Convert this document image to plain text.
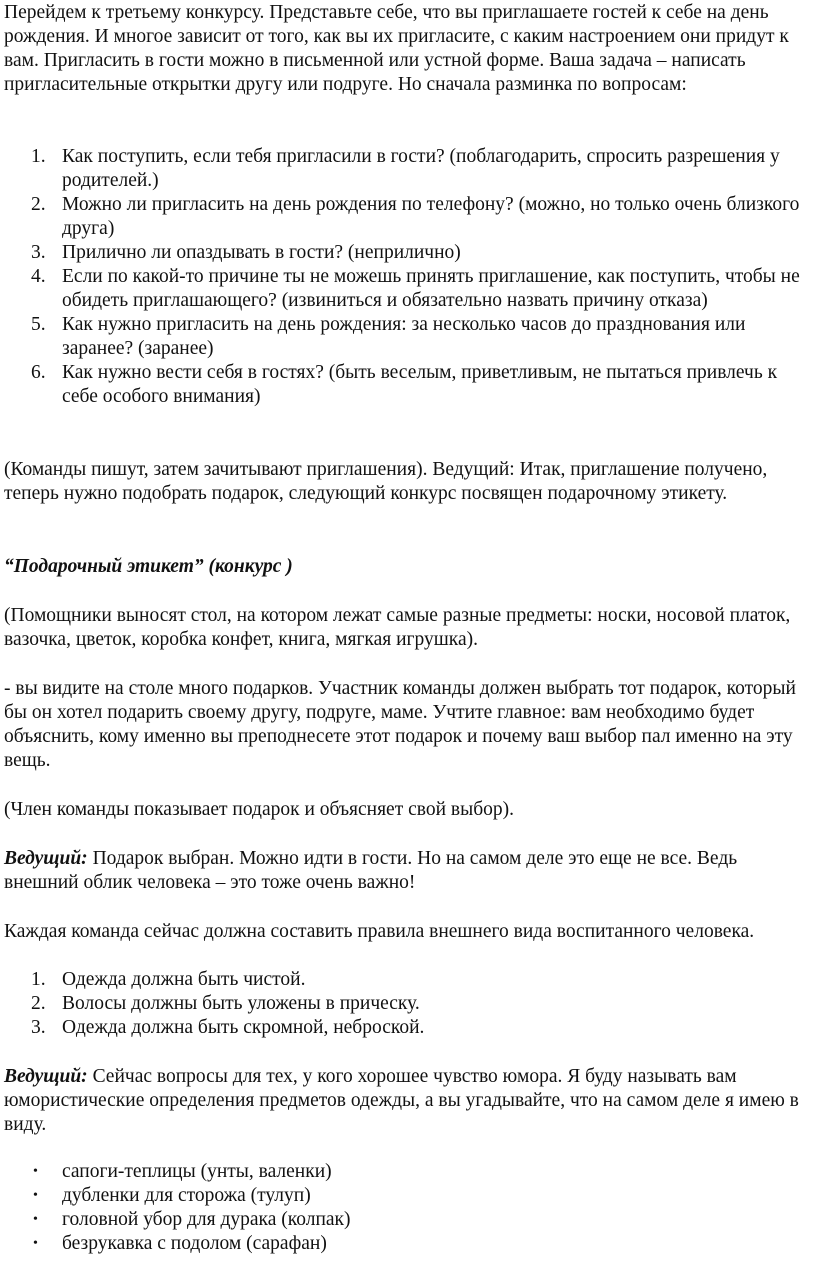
Перейдем к третьему конкурсу. Представьте себе, что вы приглашаете гостей к себе на день рождения. И многое зависит от того, как вы их пригласите, с каким настроением они придут к вам. Пригласить в гости можно в письменной или устной форме. Ваша задача – написать пригласительные открытки другу или подруге. Но сначала разминка по вопросам:

1. Как поступить, если тебя пригласили в гости? (поблагодарить, спросить разрешения у родителей.)
2. Можно ли пригласить на день рождения по телефону? (можно, но только очень близкого друга)
3. Прилично ли опаздывать в гости? (неприлично)
4. Если по какой-то причине ты не можешь принять приглашение, как поступить, чтобы не обидеть приглашающего? (извиниться и обязательно назвать причину отказа)
5. Как нужно пригласить на день рождения: за несколько часов до празднования или заранее? (заранее)
6. Как нужно вести себя в гостях? (быть веселым, приветливым, не пытаться привлечь к себе особого внимания)

(Команды пишут, затем зачитывают приглашения). Ведущий: Итак, приглашение получено, теперь нужно подобрать подарок, следующий конкурс посвящен подарочному этикету.

“Подарочный этикет” (конкурс )

(Помощники выносят стол, на котором лежат самые разные предметы: носки, носовой платок, вазочка, цветок, коробка конфет, книга, мягкая игрушка).

- вы видите на столе много подарков. Участник команды должен выбрать тот подарок, который бы он хотел подарить своему другу, подруге, маме. Учтите главное: вам необходимо будет объяснить, кому именно вы преподнесете этот подарок и почему ваш выбор пал именно на эту вещь.

(Член команды показывает подарок и объясняет свой выбор).

Ведущий: Подарок выбран. Можно идти в гости. Но на самом деле это еще не все. Ведь внешний облик человека – это тоже очень важно!

Каждая команда сейчас должна составить правила внешнего вида воспитанного человека.

1. Одежда должна быть чистой.
2. Волосы должны быть уложены в прическу.
3. Одежда должна быть скромной, неброской.

Ведущий: Сейчас вопросы для тех, у кого хорошее чувство юмора. Я буду называть вам юмористические определения предметов одежды, а вы угадывайте, что на самом деле я имею в виду.

• сапоги-теплицы (унты, валенки)
• дубленки для сторожа (тулуп)
• головной убор для дурака (колпак)
• безрукавка с подолом (сарафан)
